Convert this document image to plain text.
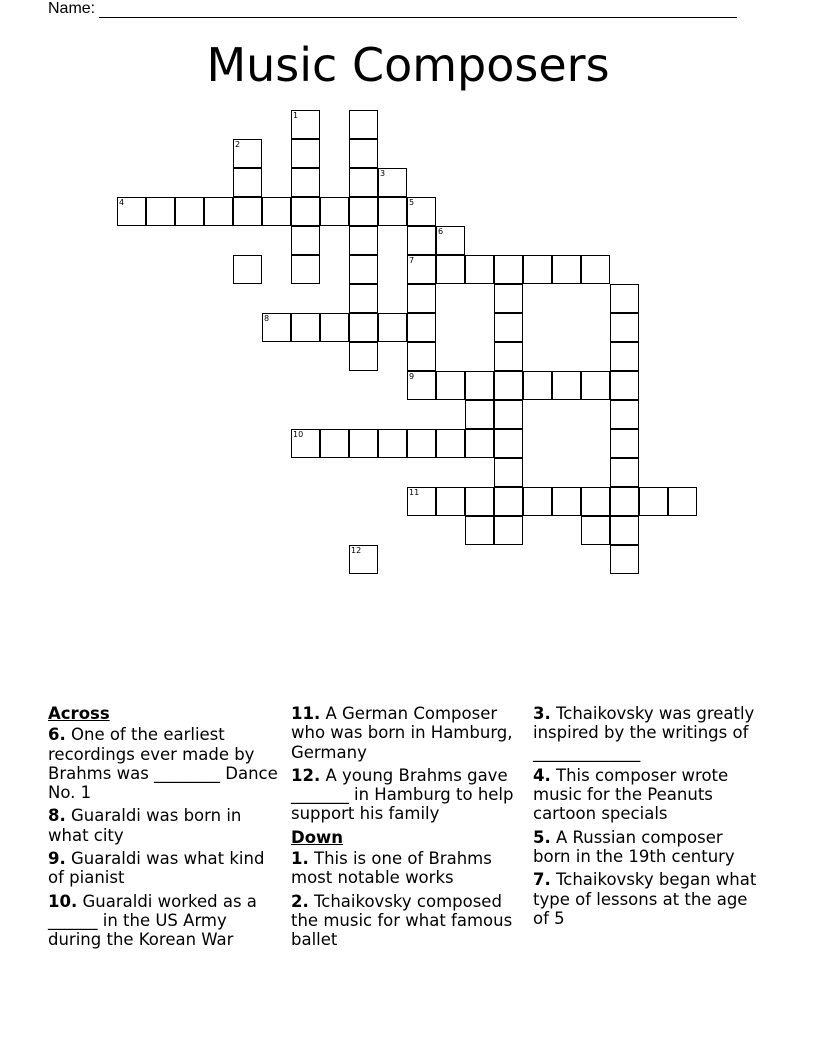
Name:
Music Composers
1
2
3
4	5
6
7
8
9
10
11
12
Across
6. One of the earliest recordings ever made by Brahms was ________ Dance No. 1
8. Guaraldi was born in what city
9. Guaraldi was what kind of pianist
10. Guaraldi worked as a ______ in the US Army during the Korean War
11. A German Composer who was born in Hamburg, Germany
12. A young Brahms gave _______ in Hamburg to help support his family
Down
1. This is one of Brahms most notable works
2. Tchaikovsky composed the music for what famous ballet
3. Tchaikovsky was greatly inspired by the writings of _____________
4. This composer wrote music for the Peanuts cartoon specials
5. A Russian composer born in the 19th century
7. Tchaikovsky began what type of lessons at the age of 5
